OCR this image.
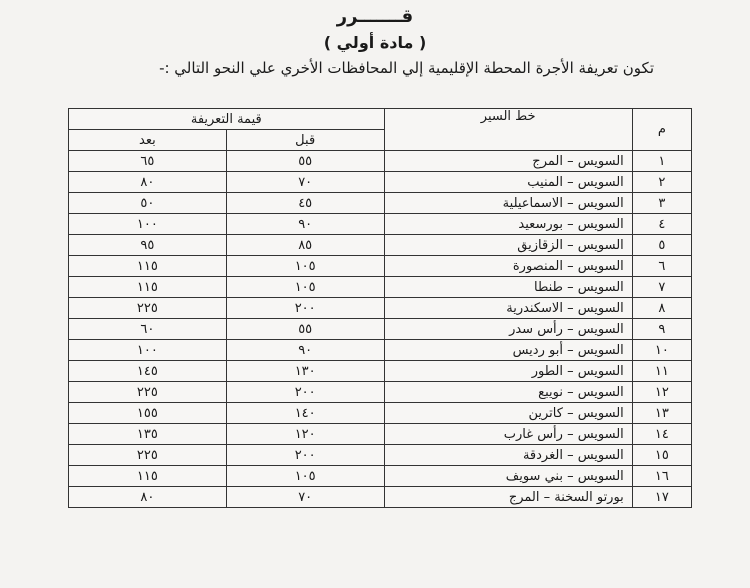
قـــــــرر
( مادة أولي )
تكون تعريفة الأجرة المحطة الإقليمية إلي المحافظات الأخري علي النحو التالي :-
م	خط السير	قيمة التعريفة	
		قبل	بعد
١	السويس – المرج	٥٥	٦٥
٢	السويس – المنيب	٧٠	٨٠
٣	السويس – الاسماعيلية	٤٥	٥٠
٤	السويس – بورسعيد	٩٠	١٠٠
٥	السويس – الزقازيق	٨٥	٩٥
٦	السويس – المنصورة	١٠٥	١١٥
٧	السويس – طنطا	١٠٥	١١٥
٨	السويس – الاسكندرية	٢٠٠	٢٢٥
٩	السويس – رأس سدر	٥٥	٦٠
١٠	السويس – أبو رديس	٩٠	١٠٠
١١	السويس – الطور	١٣٠	١٤٥
١٢	السويس – نويبع	٢٠٠	٢٢٥
١٣	السويس – كاترين	١٤٠	١٥٥
١٤	السويس – رأس غارب	١٢٠	١٣٥
١٥	السويس – الغردقة	٢٠٠	٢٢٥
١٦	السويس – بني سويف	١٠٥	١١٥
١٧	بورتو السخنة – المرج	٧٠	٨٠
